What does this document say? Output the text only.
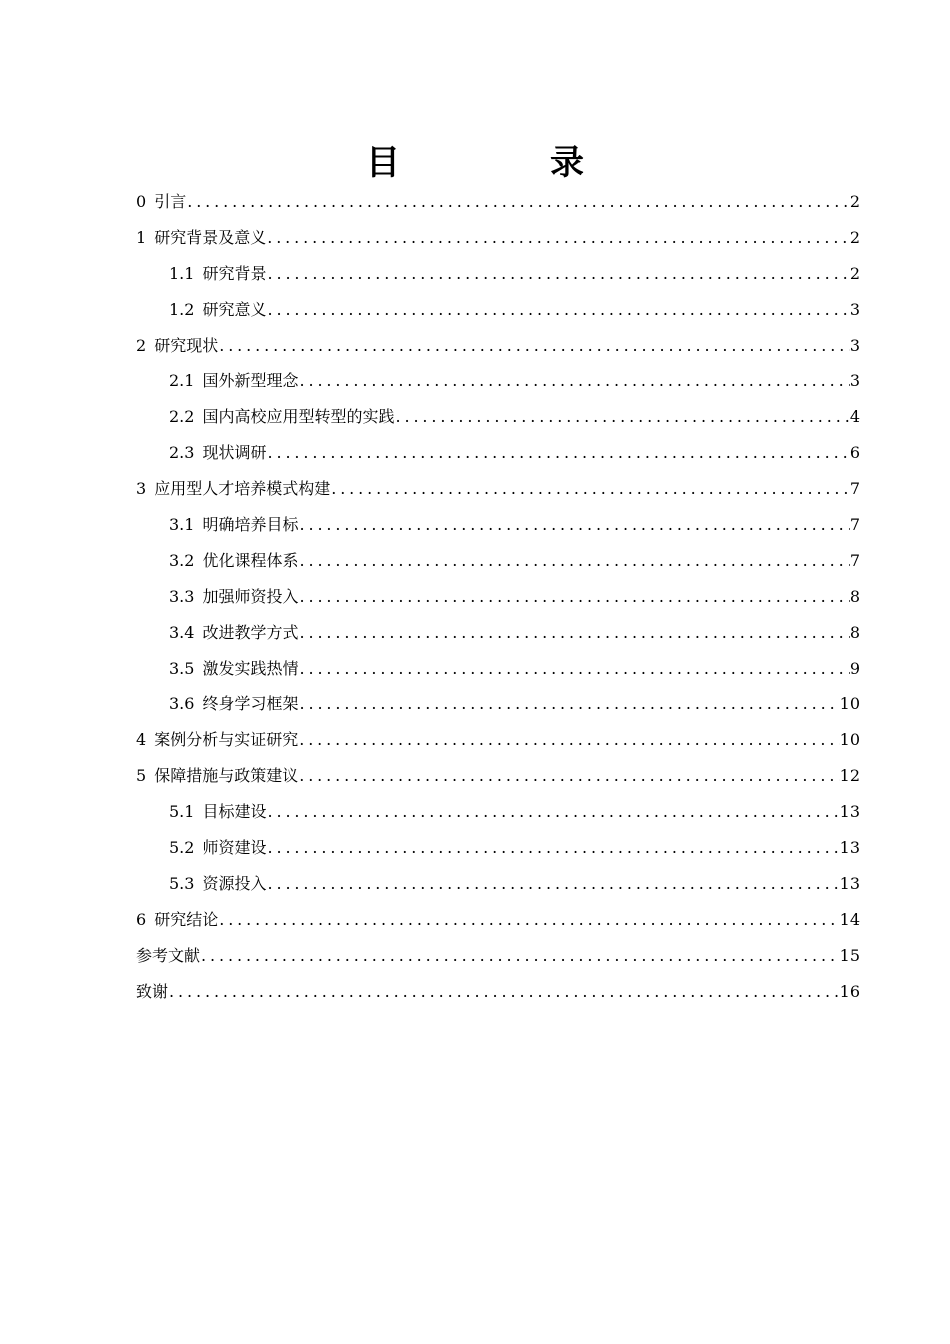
目　录
0 引言 .....	2
1 研究背景及意义 .....	2
1.1 研究背景 .....	2
1.2 研究意义 .....	3
2 研究现状 .....	3
2.1 国外新型理念 .....	3
2.2 国内高校应用型转型的实践 .....	4
2.3 现状调研 .....	6
3 应用型人才培养模式构建 .....	7
3.1 明确培养目标 .....	7
3.2 优化课程体系 .....	7
3.3 加强师资投入 .....	8
3.4 改进教学方式 .....	8
3.5 激发实践热情 .....	9
3.6 终身学习框架 .....	10
4 案例分析与实证研究 .....	10
5 保障措施与政策建议 .....	12
5.1 目标建设 .....	13
5.2 师资建设 .....	13
5.3 资源投入 .....	13
6 研究结论 .....	14
参考文献 .....	15
致谢 .....	16
